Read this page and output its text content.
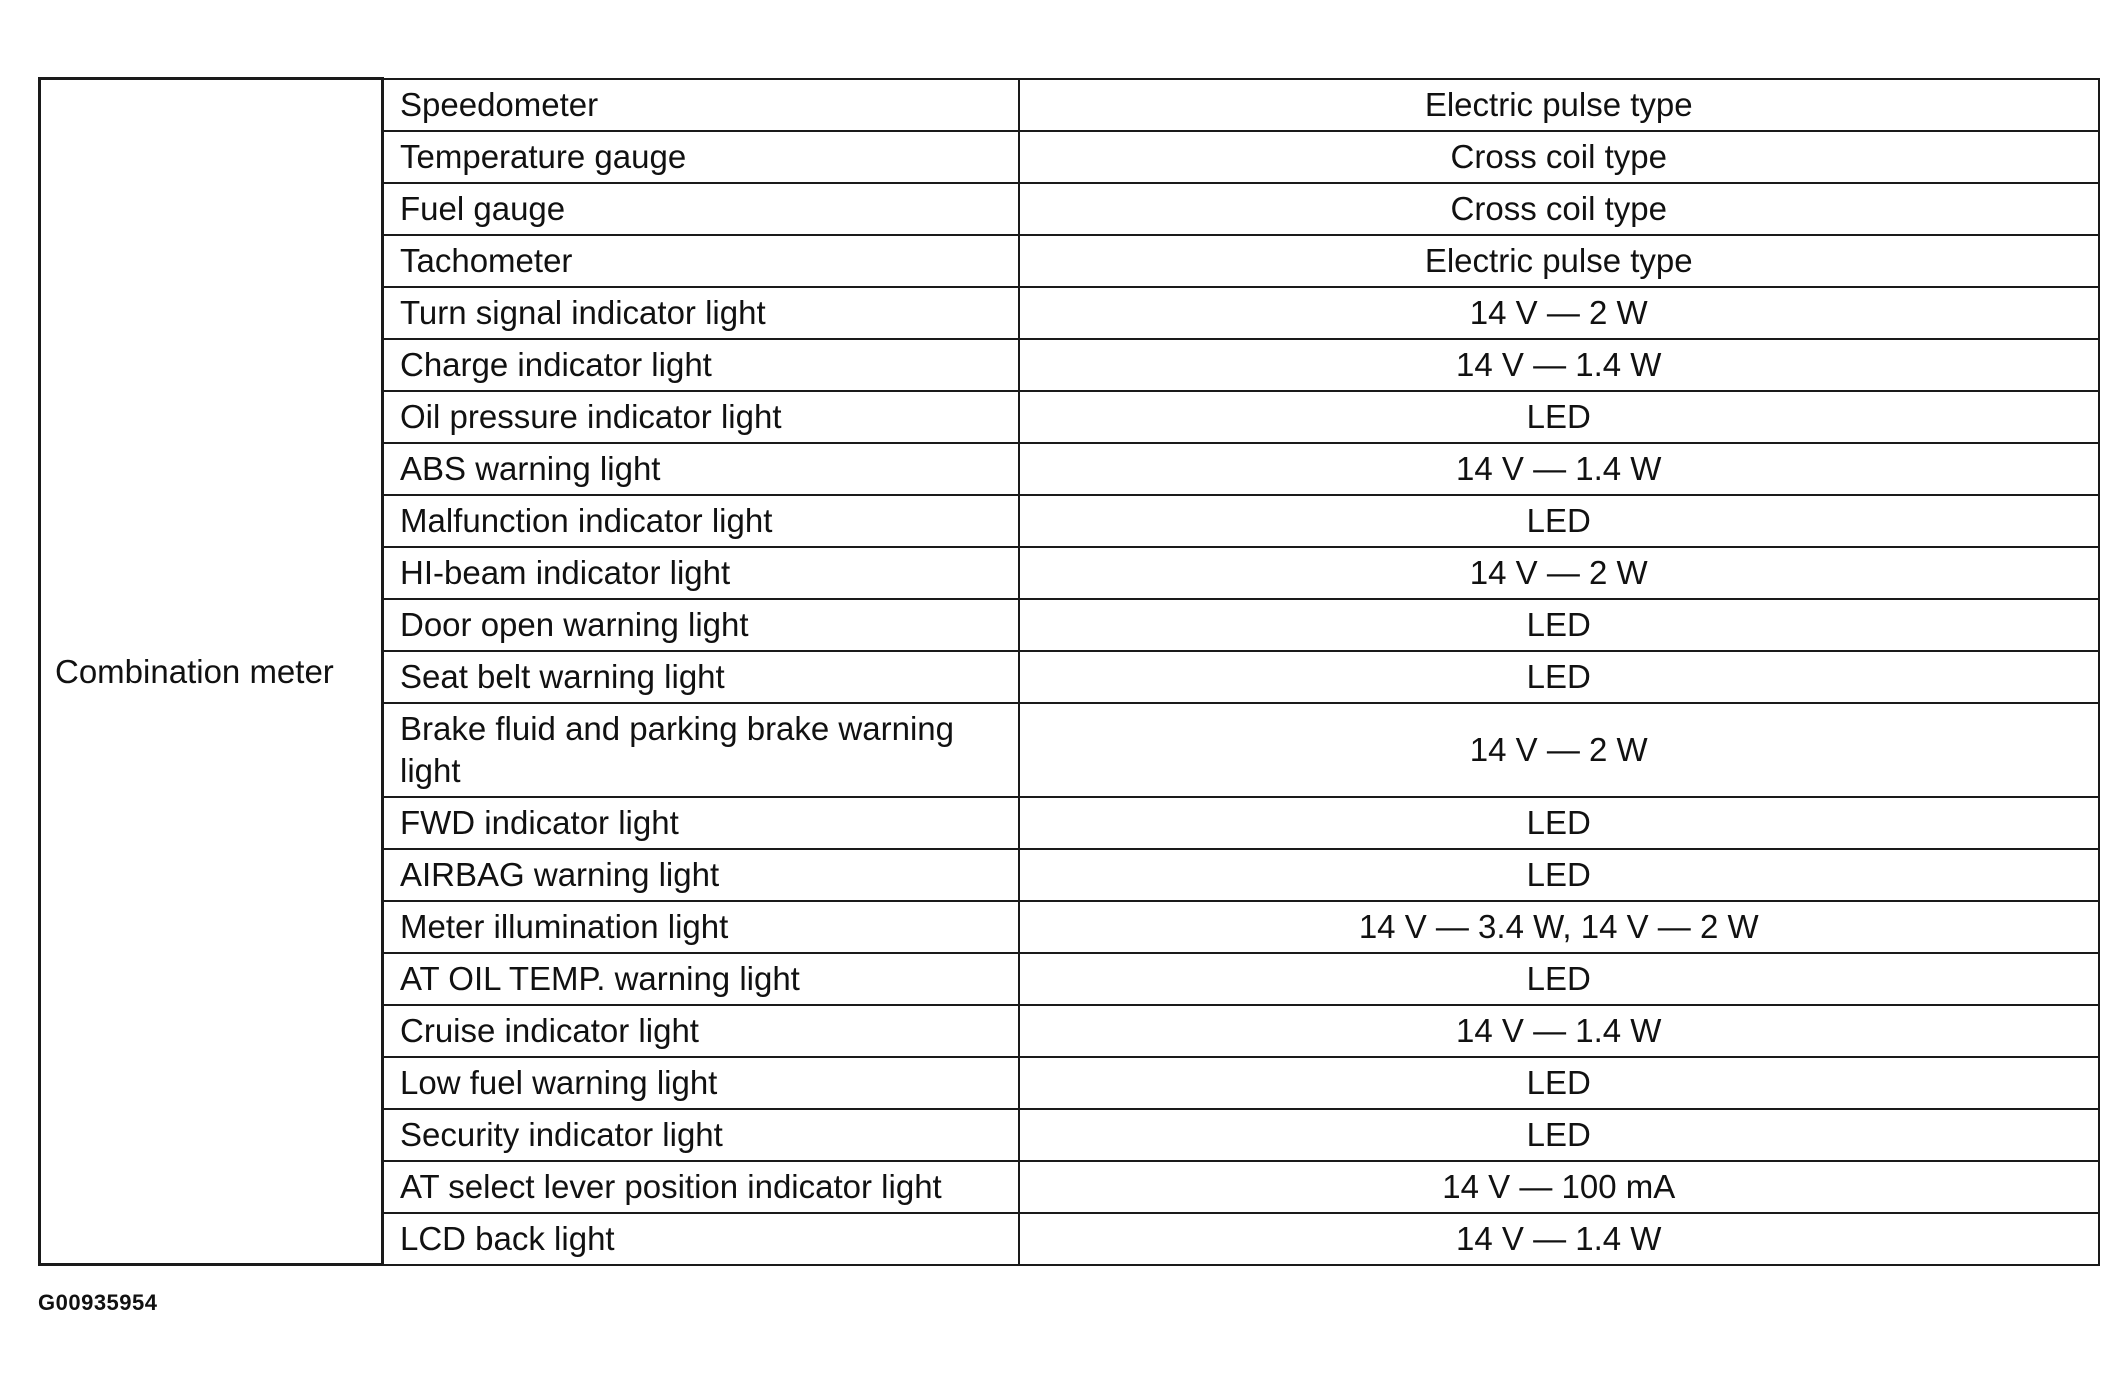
Combination meter	Speedometer	Electric pulse type
	Temperature gauge	Cross coil type
	Fuel gauge	Cross coil type
	Tachometer	Electric pulse type
	Turn signal indicator light	14 V — 2 W
	Charge indicator light	14 V — 1.4 W
	Oil pressure indicator light	LED
	ABS warning light	14 V — 1.4 W
	Malfunction indicator light	LED
	HI-beam indicator light	14 V — 2 W
	Door open warning light	LED
	Seat belt warning light	LED
	Brake fluid and parking brake warning light	14 V — 2 W
	FWD indicator light	LED
	AIRBAG warning light	LED
	Meter illumination light	14 V — 3.4 W, 14 V — 2 W
	AT OIL TEMP. warning light	LED
	Cruise indicator light	14 V — 1.4 W
	Low fuel warning light	LED
	Security indicator light	LED
	AT select lever position indicator light	14 V — 100 mA
	LCD back light	14 V — 1.4 W
G00935954
